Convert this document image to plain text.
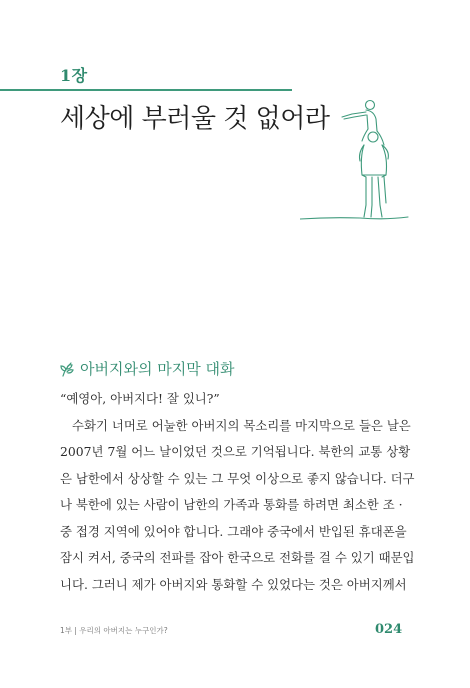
1장
세상에 부러울 것 없어라
아버지와의 마지막 대화
“예영아, 아버지다! 잘 있니?”
수화기 너머로 어눌한 아버지의 목소리를 마지막으로 들은 날은
2007년 7월 어느 날이었던 것으로 기억됩니다. 북한의 교통 상황
은 남한에서 상상할 수 있는 그 무엇 이상으로 좋지 않습니다. 더구
나 북한에 있는 사람이 남한의 가족과 통화를 하려면 최소한 조 ·
중 접경 지역에 있어야 합니다. 그래야 중국에서 반입된 휴대폰을
잠시 켜서, 중국의 전파를 잡아 한국으로 전화를 걸 수 있기 때문입
니다. 그러니 제가 아버지와 통화할 수 있었다는 것은 아버지께서
1부 | 우리의 아버지는 누구인가?	024
